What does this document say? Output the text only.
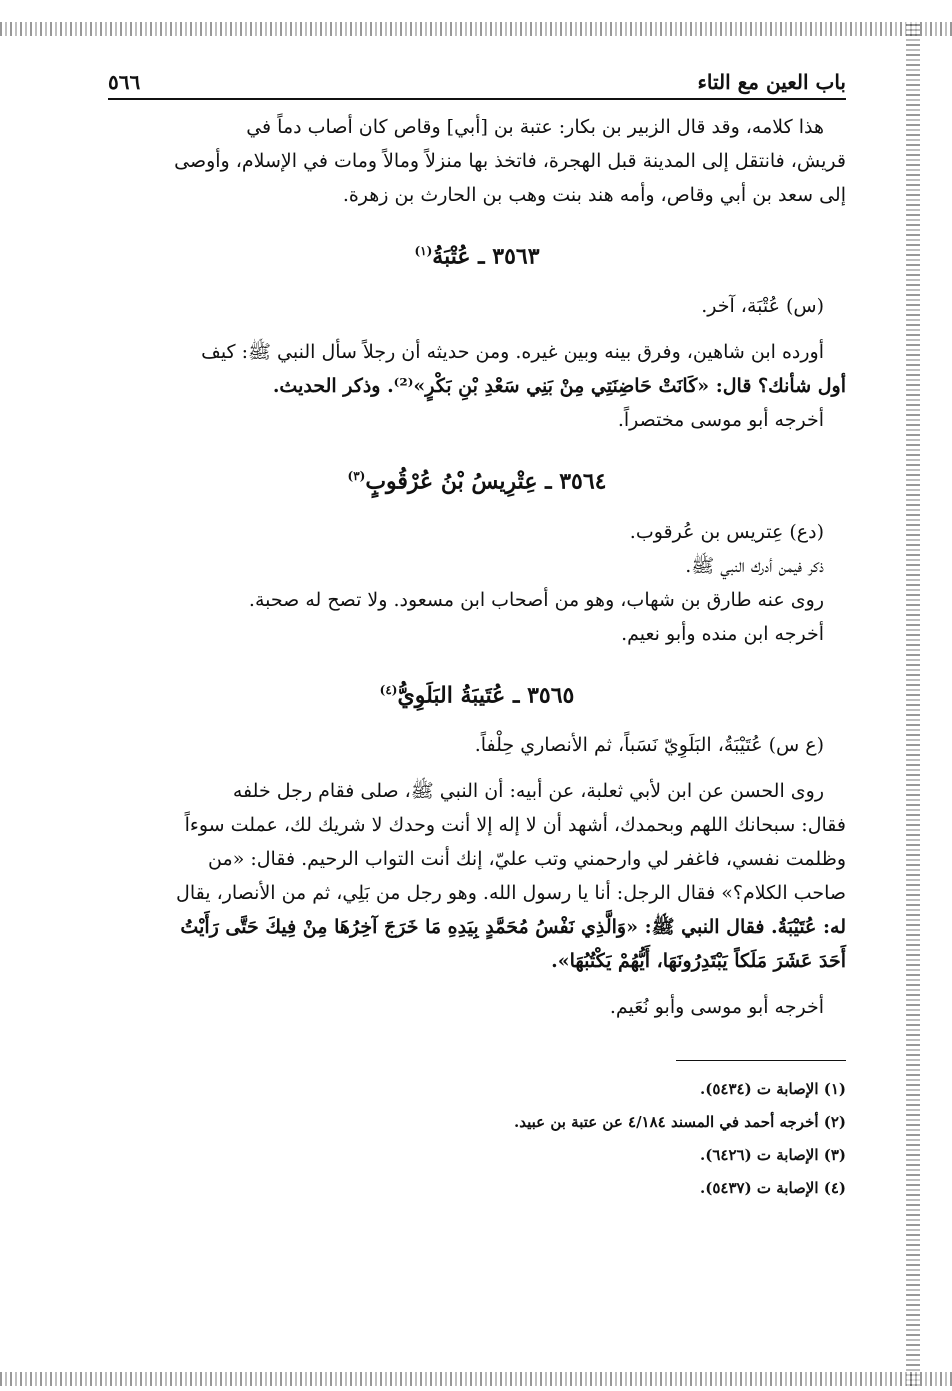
باب العين مع التاء
٥٦٦

هذا كلامه، وقد قال الزبير بن بكار: عتبة بن [أبي] وقاص كان أصاب دماً في

قريش، فانتقل إلى المدينة قبل الهجرة، فاتخذ بها منزلاً ومالاً ومات في الإسلام، وأوصى

إلى سعد بن أبي وقاص، وأمه هند بنت وهب بن الحارث بن زهرة.

٣٥٦٣ ـ عُتْبَةُ$^{(١)}$

(س) عُتْبَة، آخر.

أورده ابن شاهين، وفرق بينه وبين غيره. ومن حديثه أن رجلاً سأل النبي ﷺ: كيف

أول شأنك؟ قال: «كَانَتْ حَاضِنَتِي مِنْ بَنِي سَعْدِ بْنِ بَكْرٍ»⁽²⁾. وذكر الحديث.

أخرجه أبو موسى مختصراً.

٣٥٦٤ ـ عِتْرِيسُ بْنُ عُرْقُوبٍ$^{(٣)}$

(دع) عِتريس بن عُرقوب.

ذكر فيمن أدرك النبي ﷺ.

روى عنه طارق بن شهاب، وهو من أصحاب ابن مسعود. ولا تصح له صحبة.

أخرجه ابن منده وأبو نعيم.

٣٥٦٥ ـ عُتَيبَةُ البَلَوِيُّ$^{(٤)}$

(ع س) عُتَيْبَةُ، البَلَوِيّ نَسَباً، ثم الأنصاري حِلْفاً.

روى الحسن عن ابن لأبي ثعلبة، عن أبيه: أن النبي ﷺ، صلى فقام رجل خلفه

فقال: سبحانك اللهم وبحمدك، أشهد أن لا إله إلا أنت وحدك لا شريك لك، عملت سوءاً

وظلمت نفسي، فاغفر لي وارحمني وتب عليّ، إنك أنت التواب الرحيم. فقال: «من

صاحب الكلام؟» فقال الرجل: أنا يا رسول الله. وهو رجل من بَلِي، ثم من الأنصار، يقال

له: عُتَيْبَةُ. فقال النبي ﷺ: «وَالَّذِي نَفْسُ مُحَمَّدٍ بِيَدِهِ مَا خَرَجَ آخِرُهَا مِنْ فِيكَ حَتَّى رَأَيْتُ

أَحَدَ عَشَرَ مَلَكاً يَبْتَدِرُونَهَا، أَيُّهُمْ يَكْتُبُهَا».

أخرجه أبو موسى وأبو نُعَيم.

(١) الإصابة ت (٥٤٣٤).

(٢) أخرجه أحمد في المسند ٤/١٨٤ عن عتبة بن عبيد.

(٣) الإصابة ت (٦٤٢٦).

(٤) الإصابة ت (٥٤٣٧).
